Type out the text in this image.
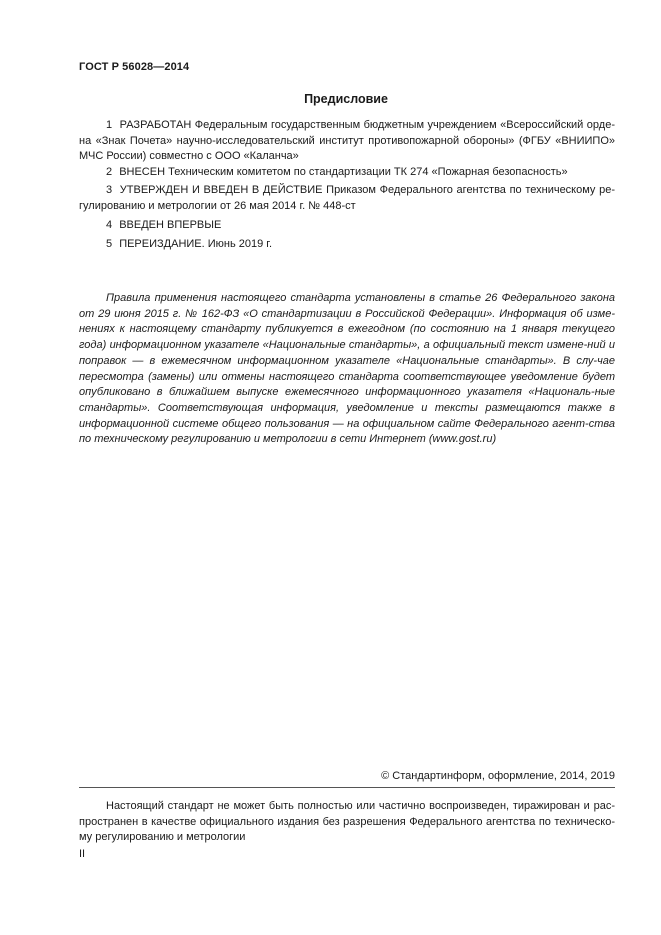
ГОСТ Р 56028—2014
Предисловие

1 РАЗРАБОТАН Федеральным государственным бюджетным учреждением «Всероссийский орде-на «Знак Почета» научно-исследовательский институт противопожарной обороны» (ФГБУ «ВНИИПО» МЧС России) совместно с ООО «Каланча»

2 ВНЕСЕН Техническим комитетом по стандартизации ТК 274 «Пожарная безопасность»

3 УТВЕРЖДЕН И ВВЕДЕН В ДЕЙСТВИЕ Приказом Федерального агентства по техническому ре-гулированию и метрологии от 26 мая 2014 г. № 448-ст

4 ВВЕДЕН ВПЕРВЫЕ

5 ПЕРЕИЗДАНИЕ. Июнь 2019 г.

Правила применения настоящего стандарта установлены в статье 26 Федерального закона от 29 июня 2015 г. № 162-ФЗ «О стандартизации в Российской Федерации». Информация об изме-нениях к настоящему стандарту публикуется в ежегодном (по состоянию на 1 января текущего года) информационном указателе «Национальные стандарты», а официальный текст измене-ний и поправок — в ежемесячном информационном указателе «Национальные стандарты». В слу-чае пересмотра (замены) или отмены настоящего стандарта соответствующее уведомление будет опубликовано в ближайшем выпуске ежемесячного информационного указателя «Националь-ные стандарты». Соответствующая информация, уведомление и тексты размещаются также в информационной системе общего пользования — на официальном сайте Федерального агент-ства по техническому регулированию и метрологии в сети Интернет (www.gost.ru)

© Стандартинформ, оформление, 2014, 2019

Настоящий стандарт не может быть полностью или частично воспроизведен, тиражирован и рас-пространен в качестве официального издания без разрешения Федерального агентства по техническо-му регулированию и метрологии

II
